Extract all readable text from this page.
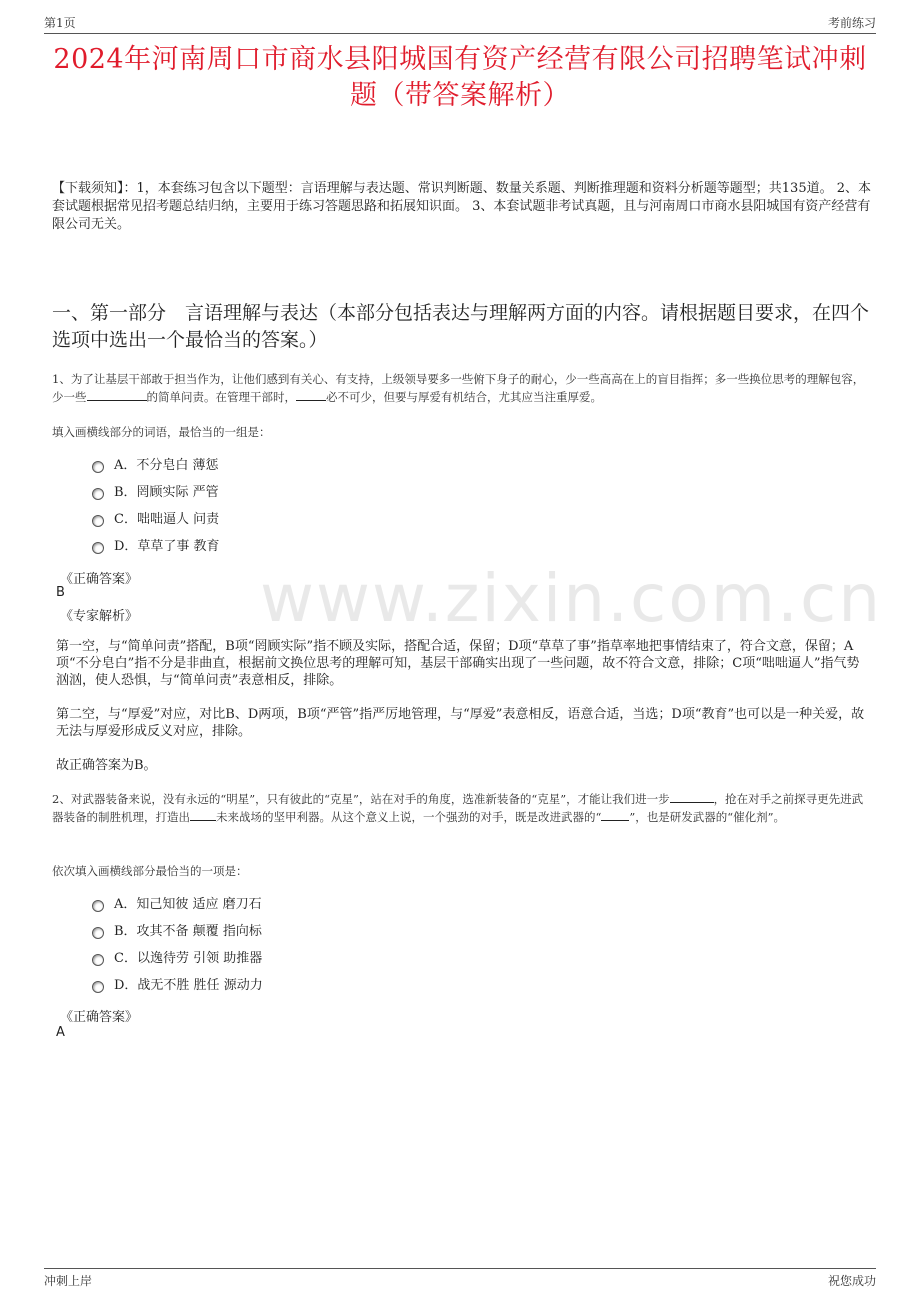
www.zixin.com.cn
第1页	考前练习
2024年河南周口市商水县阳城国有资产经营有限公司招聘笔试冲刺题（带答案解析）
【下载须知】：1，本套练习包含以下题型：言语理解与表达题、常识判断题、数量关系题、判断推理题和资料分析题等题型；共135道。 2、本套试题根据常见招考题总结归纳，主要用于练习答题思路和拓展知识面。 3、本套试题非考试真题，且与河南周口市商水县阳城国有资产经营有限公司无关。
一、第一部分　言语理解与表达（本部分包括表达与理解两方面的内容。请根据题目要求，在四个选项中选出一个最恰当的答案。）
1、为了让基层干部敢于担当作为，让他们感到有关心、有支持，上级领导要多一些俯下身子的耐心，少一些高高在上的盲目指挥；多一些换位思考的理解包容，少一些	的简单问责。在管理干部时，	必不可少，但要与厚爱有机结合，尤其应当注重厚爱。
填入画横线部分的词语，最恰当的一组是：
A．不分皂白 薄惩
B．罔顾实际 严管
C．咄咄逼人 问责
D．草草了事 教育
《正确答案》
B
《专家解析》
第一空，与“简单问责”搭配，B项“罔顾实际”指不顾及实际，搭配合适，保留；D项“草草了事”指草率地把事情结束了，符合文意，保留；A项“不分皂白”指不分是非曲直，根据前文换位思考的理解可知，基层干部确实出现了一些问题，故不符合文意，排除；C项“咄咄逼人”指气势汹汹，使人恐惧，与“简单问责”表意相反，排除。
第二空，与“厚爱”对应，对比B、D两项，B项“严管”指严厉地管理，与“厚爱”表意相反，语意合适，当选；D项“教育”也可以是一种关爱，故无法与厚爱形成反义对应，排除。
故正确答案为B。
2、对武器装备来说，没有永远的“明星”，只有彼此的“克星”，站在对手的角度，选准新装备的“克星”，才能让我们进一步	，抢在对手之前探寻更先进武器装备的制胜机理，打造出 未来战场的坚甲利器。从这个意义上说，一个强劲的对手，既是改进武器的“ ”，也是研发武器的“催化剂”。
依次填入画横线部分最恰当的一项是：
A．知己知彼 适应 磨刀石
B．攻其不备 颠覆 指向标
C．以逸待劳 引领 助推器
D．战无不胜 胜任 源动力
《正确答案》
A
冲刺上岸	祝您成功
